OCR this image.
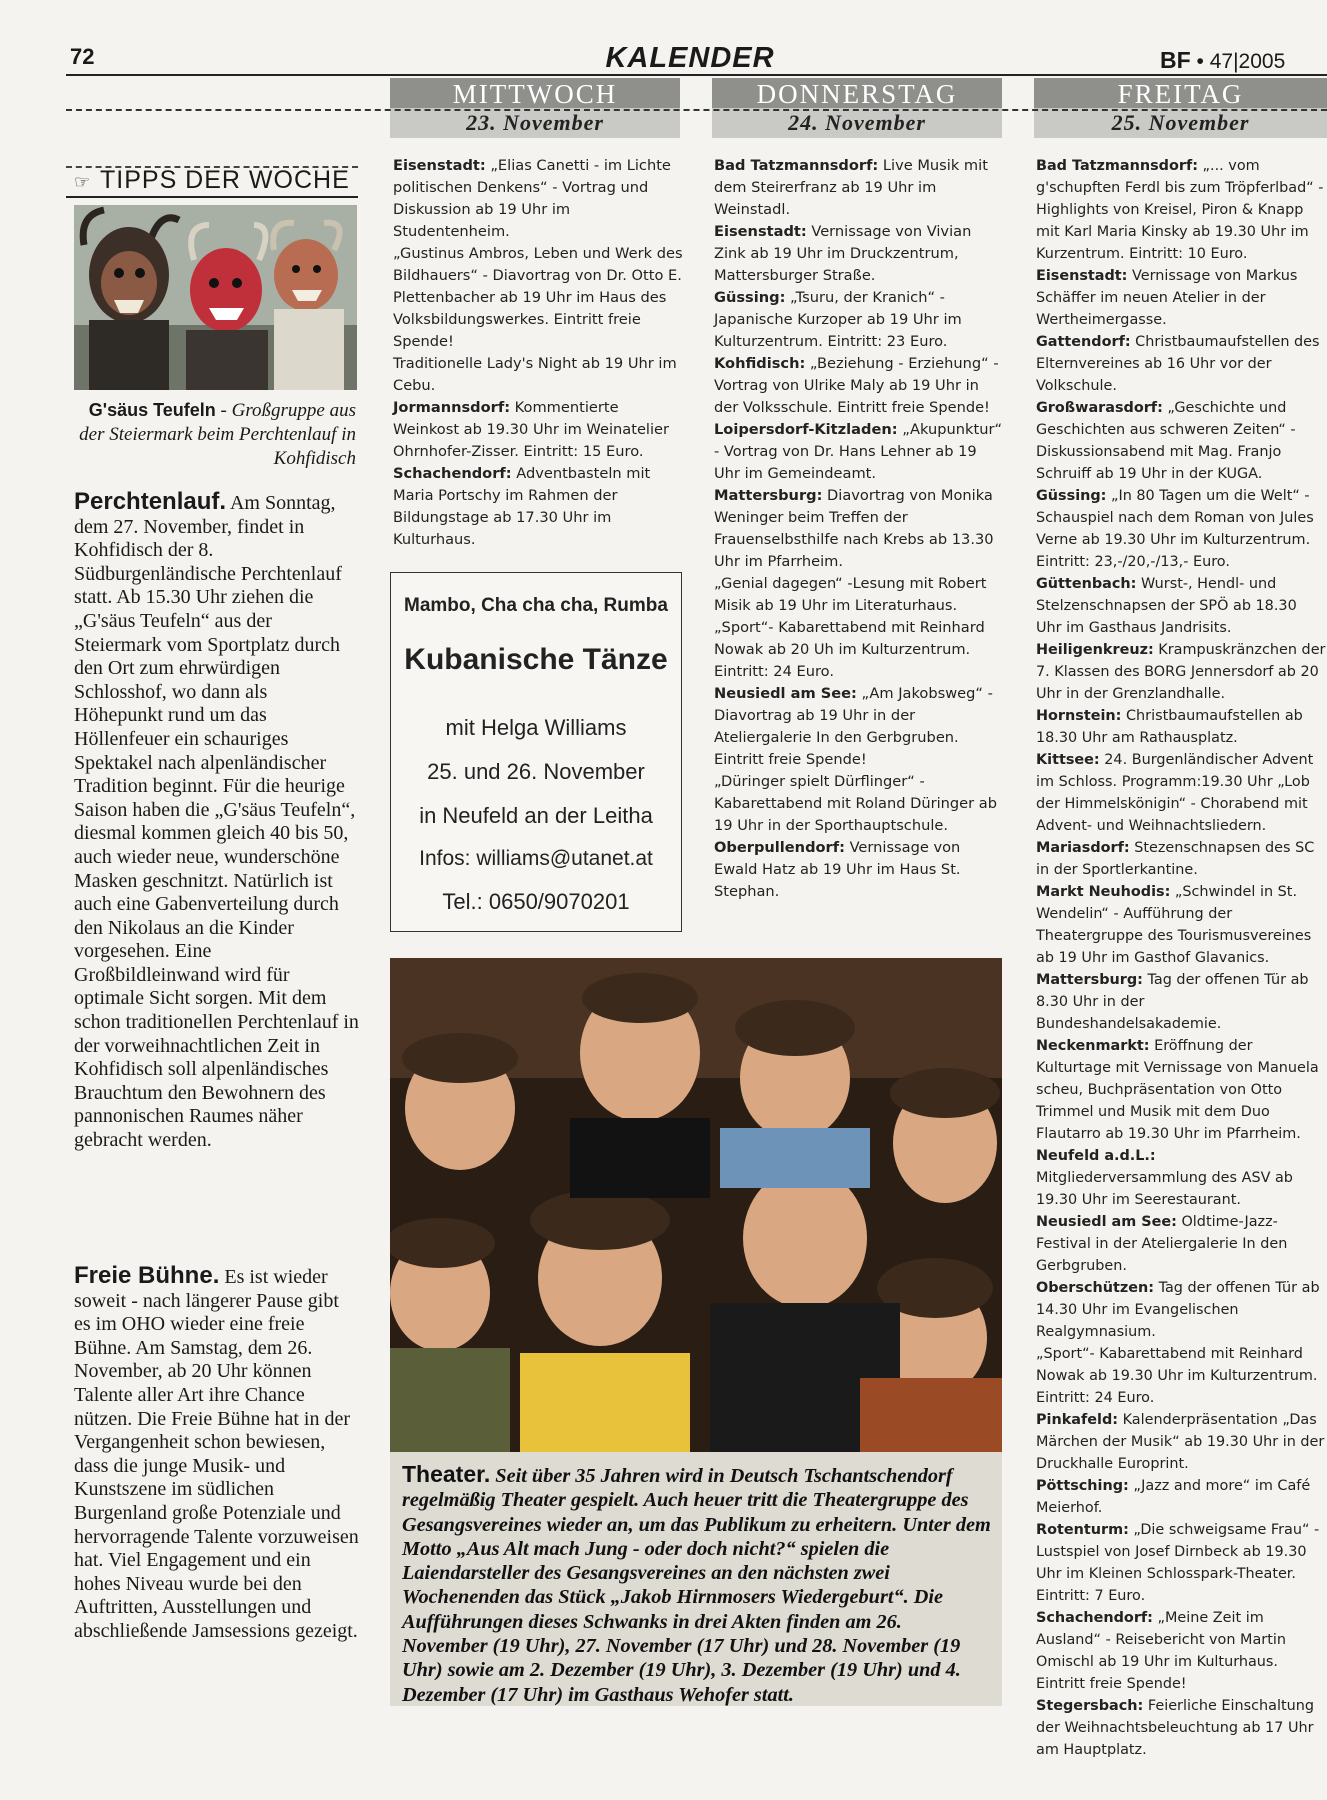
72	KALENDER	BF • 47|2005
MITTWOCH
23. November
DONNERSTAG
24. November
FREITAG
25. November
☞ TIPPS DER WOCHE
G'säus Teufeln - Großgruppe aus der Steiermark beim Perchtenlauf in Kohfidisch
Perchtenlauf. Am Sonntag, dem 27. November, findet in Kohfidisch der 8. Südburgenländische Perchtenlauf statt. Ab 15.30 Uhr ziehen die „G'säus Teufeln“ aus der Steiermark vom Sportplatz durch den Ort zum ehrwürdigen Schlosshof, wo dann als Höhepunkt rund um das Höllenfeuer ein schauriges Spektakel nach alpenländischer Tradition beginnt. Für die heurige Saison haben die „G'säus Teufeln“, diesmal kommen gleich 40 bis 50, auch wieder neue, wunderschöne Masken geschnitzt. Natürlich ist auch eine Gabenverteilung durch den Nikolaus an die Kinder vorgesehen. Eine Großbildleinwand wird für optimale Sicht sorgen. Mit dem schon traditionellen Perchtenlauf in der vorweihnachtlichen Zeit in Kohfidisch soll alpenländisches Brauchtum den Bewohnern des pannonischen Raumes näher gebracht werden.
Freie Bühne. Es ist wieder soweit - nach längerer Pause gibt es im OHO wieder eine freie Bühne. Am Samstag, dem 26. November, ab 20 Uhr können Talente aller Art ihre Chance nützen. Die Freie Bühne hat in der Vergangenheit schon bewiesen, dass die junge Musik- und Kunstszene im südlichen Burgenland große Potenziale und hervorragende Talente vorzuweisen hat. Viel Engagement und ein hohes Niveau wurde bei den Auftritten, Ausstellungen und abschließende Jamsessions gezeigt.

Eisenstadt: „Elias Canetti - im Lichte politischen Denkens“ - Vortrag und Diskussion ab 19 Uhr im Studentenheim.

„Gustinus Ambros, Leben und Werk des Bildhauers“ - Diavortrag von Dr. Otto E. Plettenbacher ab 19 Uhr im Haus des Volksbildungswerkes. Eintritt freie Spende!

Traditionelle Lady's Night ab 19 Uhr im Cebu.

Jormannsdorf: Kommentierte Weinkost ab 19.30 Uhr im Weinatelier Ohrnhofer-Zisser. Eintritt: 15 Euro.

Schachendorf: Adventbasteln mit Maria Portschy im Rahmen der Bildungstage ab 17.30 Uhr im Kulturhaus.

Mambo, Cha cha cha, Rumba
Kubanische Tänze
mit Helga Williams
25. und 26. November
in Neufeld an der Leitha
Infos: williams@utanet.at
Tel.: 0650/9070201

Bad Tatzmannsdorf: Live Musik mit dem Steirerfranz ab 19 Uhr im Weinstadl.

Eisenstadt: Vernissage von Vivian Zink ab 19 Uhr im Druckzentrum, Mattersburger Straße.

Güssing: „Tsuru, der Kranich“ - Japanische Kurzoper ab 19 Uhr im Kulturzentrum. Eintritt: 23 Euro.

Kohfidisch: „Beziehung - Erziehung“ - Vortrag von Ulrike Maly ab 19 Uhr in der Volksschule. Eintritt freie Spende!

Loipersdorf-Kitzladen: „Akupunktur“ - Vortrag von Dr. Hans Lehner ab 19 Uhr im Gemeindeamt.

Mattersburg: Diavortrag von Monika Weninger beim Treffen der Frauenselbsthilfe nach Krebs ab 13.30 Uhr im Pfarrheim.

„Genial dagegen“ -Lesung mit Robert Misik ab 19 Uhr im Literaturhaus.

„Sport“- Kabarettabend mit Reinhard Nowak ab 20 Uh im Kulturzentrum. Eintritt: 24 Euro.

Neusiedl am See: „Am Jakobsweg“ - Diavortrag ab 19 Uhr in der Ateliergalerie In den Gerbgruben. Eintritt freie Spende!

„Düringer spielt Dürflinger“ - Kabarettabend mit Roland Düringer ab 19 Uhr in der Sporthauptschule.

Oberpullendorf: Vernissage von Ewald Hatz ab 19 Uhr im Haus St. Stephan.

Theater. Seit über 35 Jahren wird in Deutsch Tschantschendorf regelmäßig Theater gespielt. Auch heuer tritt die Theatergruppe des Gesangsvereines wieder an, um das Publikum zu erheitern. Unter dem Motto „Aus Alt mach Jung - oder doch nicht?“ spielen die Laiendarsteller des Gesangsvereines an den nächsten zwei Wochenenden das Stück „Jakob Hirnmosers Wiedergeburt“. Die Aufführungen dieses Schwanks in drei Akten finden am 26. November (19 Uhr), 27. November (17 Uhr) und 28. November (19 Uhr) sowie am 2. Dezember (19 Uhr), 3. Dezember (19 Uhr) und 4. Dezember (17 Uhr) im Gasthaus Wehofer statt.

Bad Tatzmannsdorf: „... vom g'schupften Ferdl bis zum Tröpferlbad“ - Highlights von Kreisel, Piron & Knapp mit Karl Maria Kinsky ab 19.30 Uhr im Kurzentrum. Eintritt: 10 Euro.

Eisenstadt: Vernissage von Markus Schäffer im neuen Atelier in der Wertheimergasse.

Gattendorf: Christbaumaufstellen des Elternvereines ab 16 Uhr vor der Volkschule.

Großwarasdorf: „Geschichte und Geschichten aus schweren Zeiten“ - Diskussionsabend mit Mag. Franjo Schruiff ab 19 Uhr in der KUGA.

Güssing: „In 80 Tagen um die Welt“ - Schauspiel nach dem Roman von Jules Verne ab 19.30 Uhr im Kulturzentrum. Eintritt: 23,-/20,-/13,- Euro.

Güttenbach: Wurst-, Hendl- und Stelzenschnapsen der SPÖ ab 18.30 Uhr im Gasthaus Jandrisits.

Heiligenkreuz: Krampuskränzchen der 7. Klassen des BORG Jennersdorf ab 20 Uhr in der Grenzlandhalle.

Hornstein: Christbaumaufstellen ab 18.30 Uhr am Rathausplatz.

Kittsee: 24. Burgenländischer Advent im Schloss. Programm:19.30 Uhr „Lob der Himmelskönigin“ - Chorabend mit Advent- und Weihnachtsliedern.

Mariasdorf: Stezenschnapsen des SC in der Sportlerkantine.

Markt Neuhodis: „Schwindel in St. Wendelin“ - Aufführung der Theatergruppe des Tourismusvereines ab 19 Uhr im Gasthof Glavanics.

Mattersburg: Tag der offenen Tür ab 8.30 Uhr in der Bundeshandelsakademie.

Neckenmarkt: Eröffnung der Kulturtage mit Vernissage von Manuela scheu, Buchpräsentation von Otto Trimmel und Musik mit dem Duo Flautarro ab 19.30 Uhr im Pfarrheim.

Neufeld a.d.L.: Mitgliederversammlung des ASV ab 19.30 Uhr im Seerestaurant.

Neusiedl am See: Oldtime-Jazz-Festival in der Ateliergalerie In den Gerbgruben.

Oberschützen: Tag der offenen Tür ab 14.30 Uhr im Evangelischen Realgymnasium.

„Sport“- Kabarettabend mit Reinhard Nowak ab 19.30 Uhr im Kulturzentrum. Eintritt: 24 Euro.

Pinkafeld: Kalenderpräsentation „Das Märchen der Musik“ ab 19.30 Uhr in der Druckhalle Europrint.

Pöttsching: „Jazz and more“ im Café Meierhof.

Rotenturm: „Die schweigsame Frau“ - Lustspiel von Josef Dirnbeck ab 19.30 Uhr im Kleinen Schlosspark-Theater. Eintritt: 7 Euro.

Schachendorf: „Meine Zeit im Ausland“ - Reisebericht von Martin Omischl ab 19 Uhr im Kulturhaus. Eintritt freie Spende!

Stegersbach: Feierliche Einschaltung der Weihnachtsbeleuchtung ab 17 Uhr am Hauptplatz.
